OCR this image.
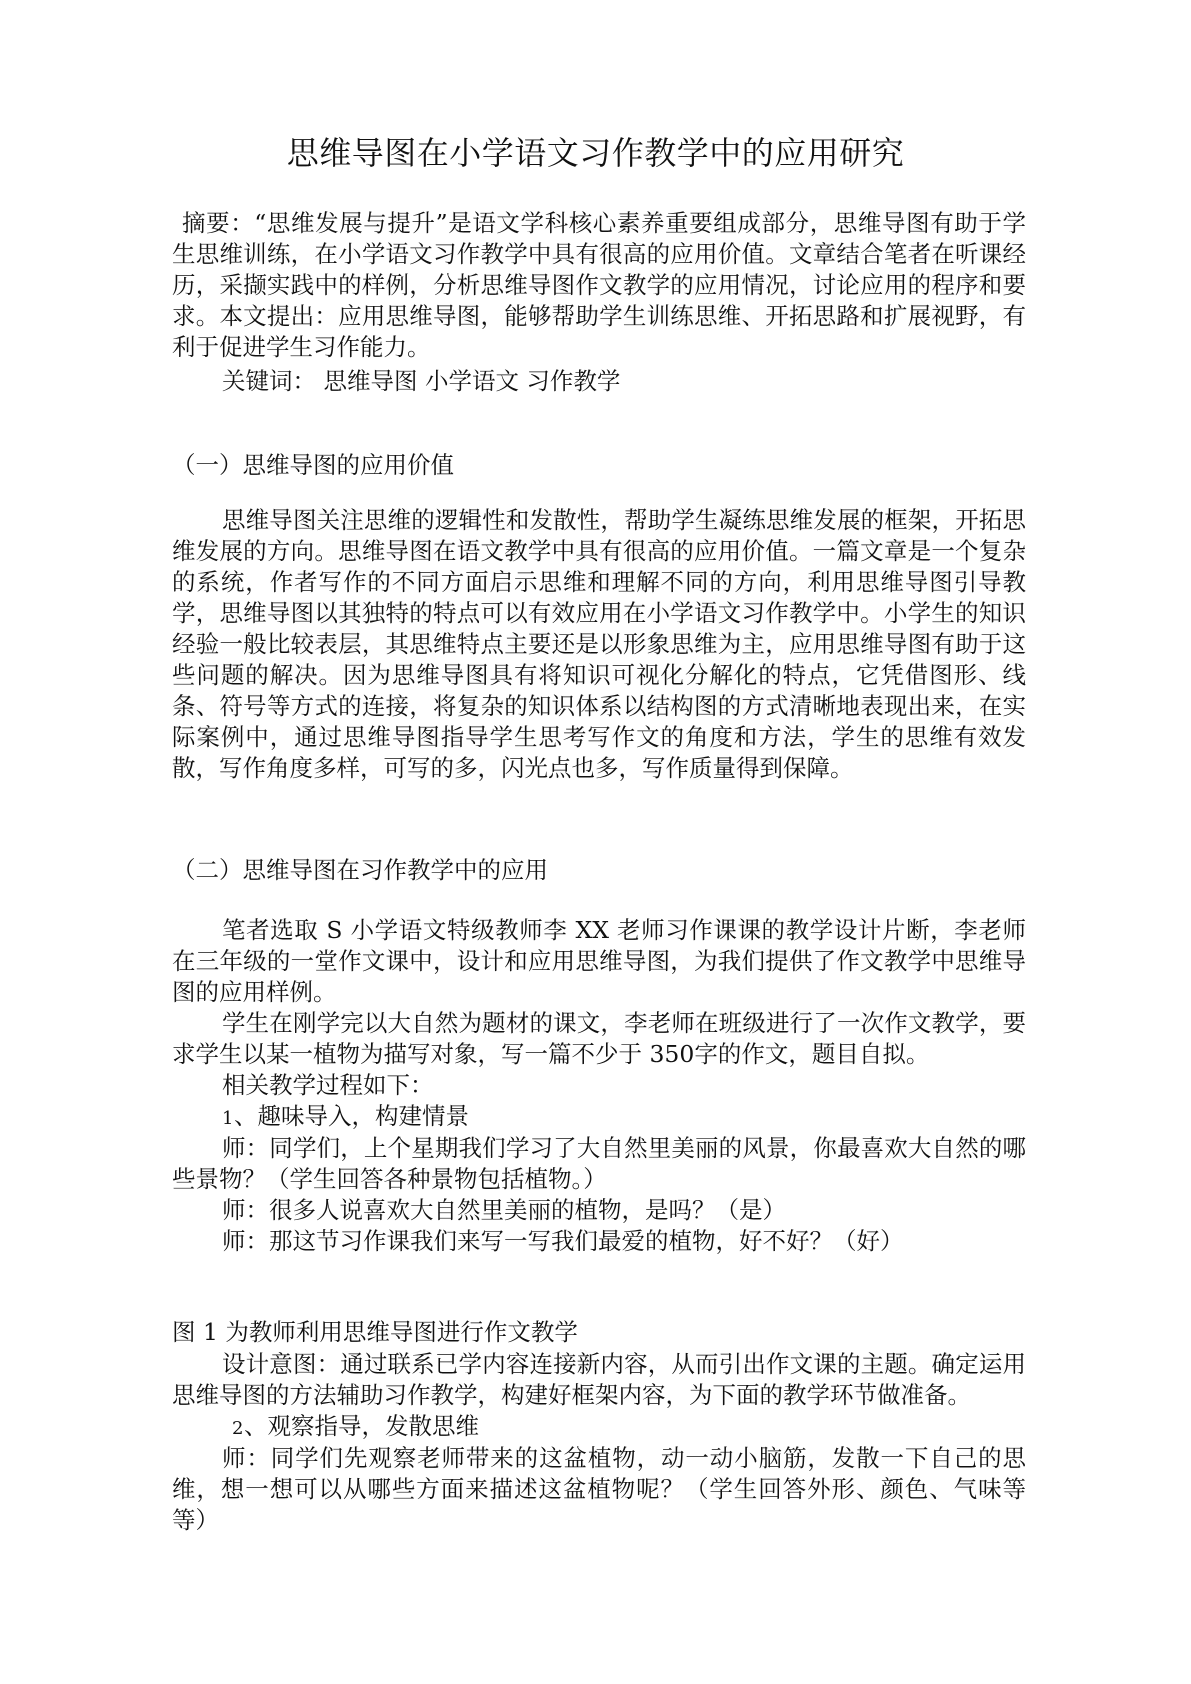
思维导图在小学语文习作教学中的应用研究

摘要：“思维发展与提升”是语文学科核心素养重要组成部分，思维导图有助于学生思维训练，在小学语文习作教学中具有很高的应用价值。文章结合笔者在听课经历，采撷实践中的样例，分析思维导图作文教学的应用情况，讨论应用的程序和要求。本文提出：应用思维导图，能够帮助学生训练思维、开拓思路和扩展视野，有利于促进学生习作能力。

关键词： 思维导图 小学语文 习作教学

（一）思维导图的应用价值

思维导图关注思维的逻辑性和发散性，帮助学生凝练思维发展的框架，开拓思维发展的方向。思维导图在语文教学中具有很高的应用价值。一篇文章是一个复杂的系统，作者写作的不同方面启示思维和理解不同的方向，利用思维导图引导教学，思维导图以其独特的特点可以有效应用在小学语文习作教学中。小学生的知识经验一般比较表层，其思维特点主要还是以形象思维为主，应用思维导图有助于这些问题的解决。因为思维导图具有将知识可视化分解化的特点，它凭借图形、线条、符号等方式的连接，将复杂的知识体系以结构图的方式清晰地表现出来，在实际案例中，通过思维导图指导学生思考写作文的角度和方法，学生的思维有效发散，写作角度多样，可写的多，闪光点也多，写作质量得到保障。

（二）思维导图在习作教学中的应用

笔者选取 S 小学语文特级教师李 XX 老师习作课课的教学设计片断，李老师在三年级的一堂作文课中，设计和应用思维导图，为我们提供了作文教学中思维导图的应用样例。

学生在刚学完以大自然为题材的课文，李老师在班级进行了一次作文教学，要求学生以某一植物为描写对象，写一篇不少于 350字的作文，题目自拟。

相关教学过程如下：

1、趣味导入，构建情景

师：同学们，上个星期我们学习了大自然里美丽的风景，你最喜欢大自然的哪些景物？（学生回答各种景物包括植物。）

师：很多人说喜欢大自然里美丽的植物，是吗？（是）

师：那这节习作课我们来写一写我们最爱的植物，好不好？（好）

图 1 为教师利用思维导图进行作文教学

设计意图：通过联系已学内容连接新内容，从而引出作文课的主题。确定运用思维导图的方法辅助习作教学，构建好框架内容，为下面的教学环节做准备。

2、观察指导，发散思维

师：同学们先观察老师带来的这盆植物，动一动小脑筋，发散一下自己的思维，想一想可以从哪些方面来描述这盆植物呢？（学生回答外形、颜色、气味等等）
